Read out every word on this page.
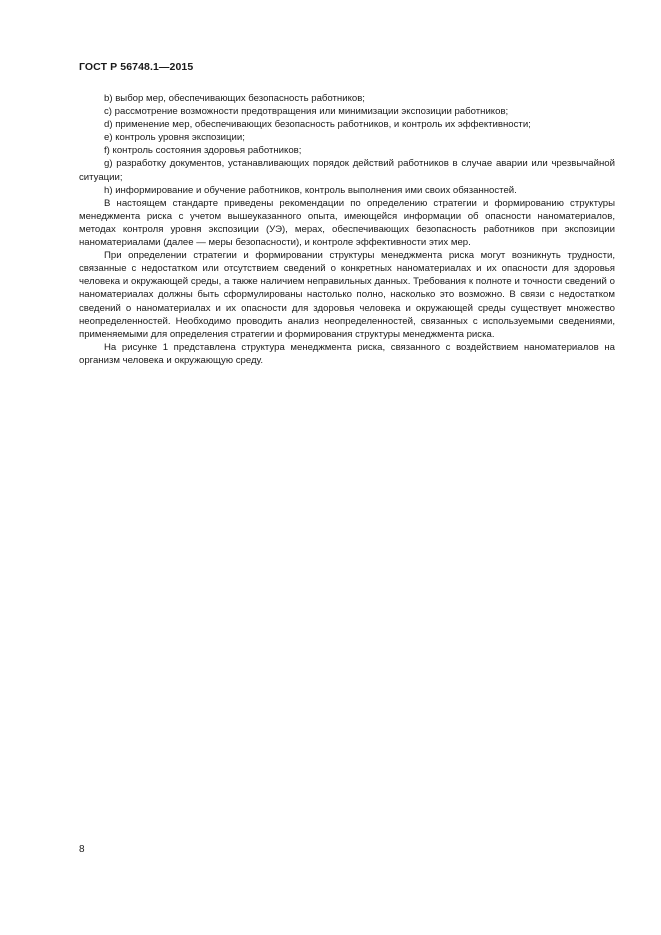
ГОСТ Р 56748.1—2015

b) выбор мер, обеспечивающих безопасность работников;

c) рассмотрение возможности предотвращения или минимизации экспозиции работников;

d) применение мер, обеспечивающих безопасность работников, и контроль их эффективности;

e) контроль уровня экспозиции;

f) контроль состояния здоровья работников;

g) разработку документов, устанавливающих порядок действий работников в случае аварии или чрезвычайной ситуации;

h) информирование и обучение работников, контроль выполнения ими своих обязанностей.

В настоящем стандарте приведены рекомендации по определению стратегии и формированию структуры менеджмента риска с учетом вышеуказанного опыта, имеющейся информации об опасности наноматериалов, методах контроля уровня экспозиции (УЭ), мерах, обеспечивающих безопасность работников при экспозиции наноматериалами (далее — меры безопасности), и контроле эффективности этих мер.

При определении стратегии и формировании структуры менеджмента риска могут возникнуть трудности, связанные с недостатком или отсутствием сведений о конкретных наноматериалах и их опасности для здоровья человека и окружающей среды, а также наличием неправильных данных. Требования к полноте и точности сведений о наноматериалах должны быть сформулированы настолько полно, насколько это возможно. В связи с недостатком сведений о наноматериалах и их опасности для здоровья человека и окружающей среды существует множество неопределенностей. Необходимо проводить анализ неопределенностей, связанных с используемыми сведениями, применяемыми для определения стратегии и формирования структуры менеджмента риска.

На рисунке 1 представлена структура менеджмента риска, связанного с воздействием наноматериалов на организм человека и окружающую среду.

8
